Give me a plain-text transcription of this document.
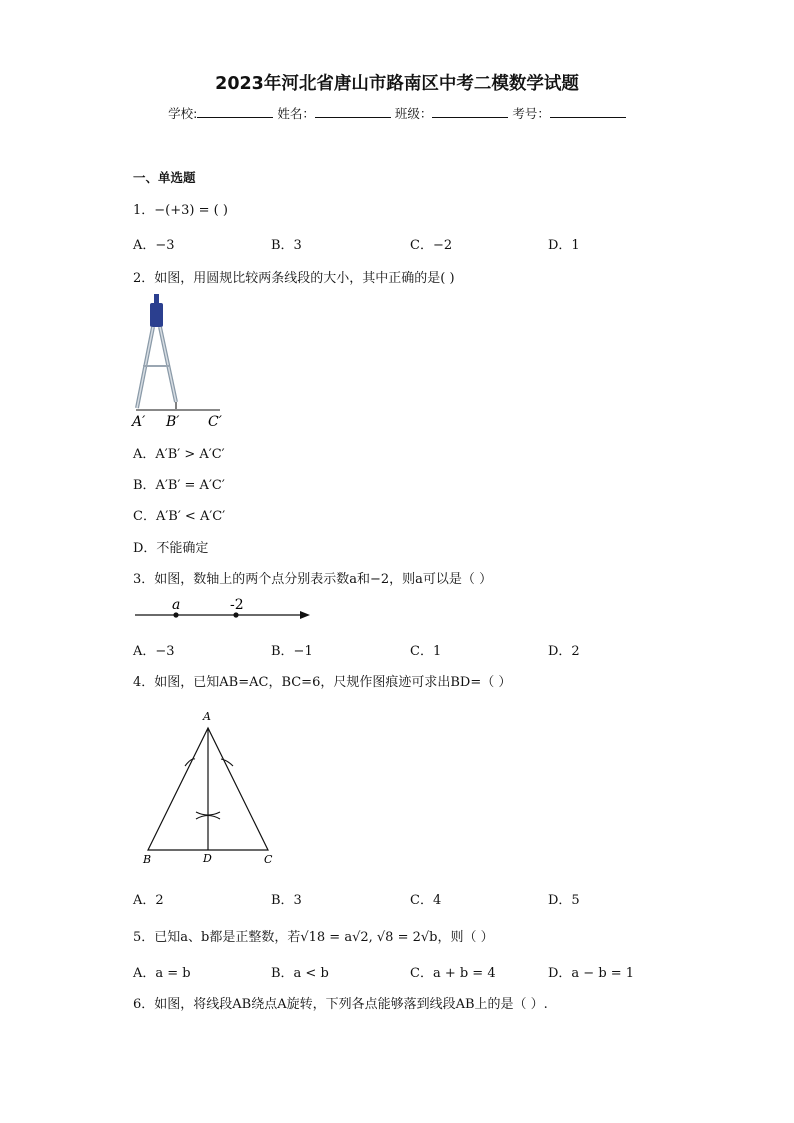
2023年河北省唐山市路南区中考二模数学试题
学校:	姓名：	班级：	考号：
一、单选题
1．−(+3) = ( )
A．−3	B．3	C．−2	D．1
2．如图，用圆规比较两条线段的大小，其中正确的是( )
A′ B′ C′
A．A′B′ > A′C′
B．A′B′ = A′C′
C．A′B′ < A′C′
D．不能确定
3．如图，数轴上的两个点分别表示数a和−2，则a可以是（ ）
a	-2
A．−3	B．−1	C．1	D．2
4．如图，已知AB=AC，BC=6，尺规作图痕迹可求出BD=（ ）
A
B	D	C
A．2	B．3	C．4	D．5
5．已知a、b都是正整数，若√18 = a√2, √8 = 2√b，则（ ）
A．a = b	B．a < b	C．a + b = 4	D．a − b = 1
6．如图，将线段AB绕点A旋转，下列各点能够落到线段AB上的是（ ）.
